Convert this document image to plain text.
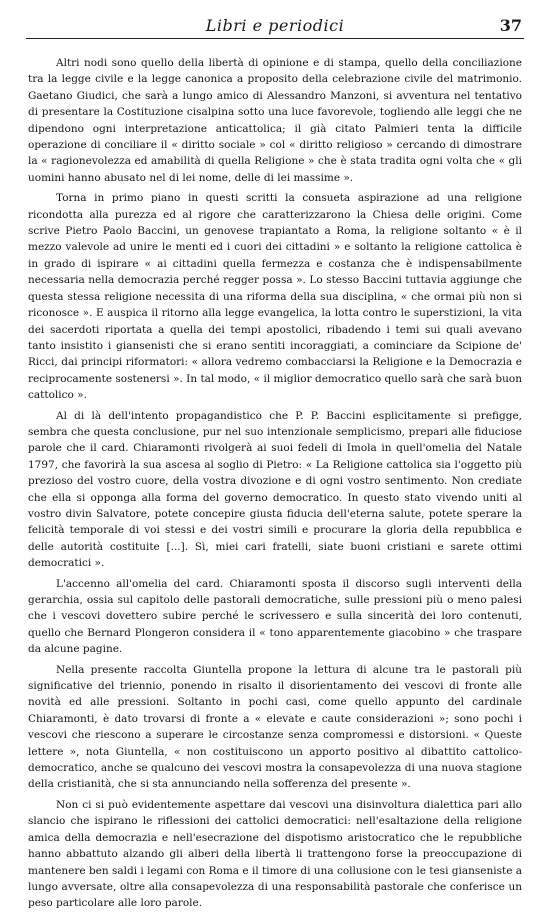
Libri e periodici	37

Altri nodi sono quello della libertà di opinione e di stampa, quello della conciliazione tra la legge civile e la legge canonica a proposito della celebrazione civile del matrimonio. Gaetano Giudici, che sarà a lungo amico di Alessandro Manzoni, si avventura nel tentativo di presentare la Costituzione cisalpina sotto una luce favorevole, togliendo alle leggi che ne dipendono ogni interpretazione anticattolica; il già citato Palmieri tenta la difficile operazione di conciliare il « diritto sociale » col « diritto religioso » cercando di dimostrare la « ragionevolezza ed amabilità di quella Religione » che è stata tradita ogni volta che « gli uomini hanno abusato nel di lei nome, delle di lei massime ».

Torna in primo piano in questi scritti la consueta aspirazione ad una religione ricondotta alla purezza ed al rigore che caratterizzarono la Chiesa delle origini. Come scrive Pietro Paolo Baccini, un genovese trapiantato a Roma, la religione soltanto « è il mezzo valevole ad unire le menti ed i cuori dei cittadini » e soltanto la religione cattolica è in grado di ispirare « ai cittadini quella fermezza e costanza che è indispensabilmente necessaria nella democrazia perché regger possa ». Lo stesso Baccini tuttavia aggiunge che questa stessa religione necessita di una riforma della sua disciplina, « che ormai più non si riconosce ». E auspica il ritorno alla legge evangelica, la lotta contro le superstizioni, la vita dei sacerdoti riportata a quella dei tempi apostolici, ribadendo i temi sui quali avevano tanto insistito i giansenisti che si erano sentiti incoraggiati, a cominciare da Scipione de' Ricci, dai principi riformatori: « allora vedremo combacciarsi la Religione e la Democrazia e reciprocamente sostenersi ». In tal modo, « il miglior democratico quello sarà che sarà buon cattolico ».

Al di là dell'intento propagandistico che P. P. Baccini esplicitamente si prefigge, sembra che questa conclusione, pur nel suo intenzionale semplicismo, prepari alle fiduciose parole che il card. Chiaramonti rivolgerà ai suoi fedeli di Imola in quell'omelia del Natale 1797, che favorirà la sua ascesa al soglio di Pietro: « La Religione cattolica sia l'oggetto più prezioso del vostro cuore, della vostra divozione e di ogni vostro sentimento. Non crediate che ella si opponga alla forma del governo democratico. In questo stato vivendo uniti al vostro divin Salvatore, potete concepire giusta fiducia dell'eterna salute, potete sperare la felicità temporale di voi stessi e dei vostri simili e procurare la gloria della repubblica e delle autorità costituite [...]. Sì, miei cari fratelli, siate buoni cristiani e sarete ottimi democratici ».

L'accenno all'omelia del card. Chiaramonti sposta il discorso sugli interventi della gerarchia, ossia sul capitolo delle pastorali democratiche, sulle pressioni più o meno palesi che i vescovi dovettero subire perché le scrivessero e sulla sincerità dei loro contenuti, quello che Bernard Plongeron considera il « tono apparentemente giacobino » che traspare da alcune pagine.

Nella presente raccolta Giuntella propone la lettura di alcune tra le pastorali più significative del triennio, ponendo in risalto il disorientamento dei vescovi di fronte alle novità ed alle pressioni. Soltanto in pochi casi, come quello appunto del cardinale Chiaramonti, è dato trovarsi di fronte a « elevate e caute considerazioni »; sono pochi i vescovi che riescono a superare le circostanze senza compromessi e distorsioni. « Queste lettere », nota Giuntella, « non costituiscono un apporto positivo al dibattito cattolico-democratico, anche se qualcuno dei vescovi mostra la consapevolezza di una nuova stagione della cristianità, che si sta annunciando nella sofferenza del presente ».

Non ci si può evidentemente aspettare dai vescovi una disinvoltura dialettica pari allo slancio che ispirano le riflessioni dei cattolici democratici: nell'esaltazione della religione amica della democrazia e nell'esecrazione del dispotismo aristocratico che le repubbliche hanno abbattuto alzando gli alberi della libertà li trattengono forse la preoccupazione di mantenere ben saldi i legami con Roma e il timore di una collusione con le tesi gianseniste a lungo avversate, oltre alla consapevolezza di una responsabilità pastorale che conferisce un peso particolare alle loro parole.
